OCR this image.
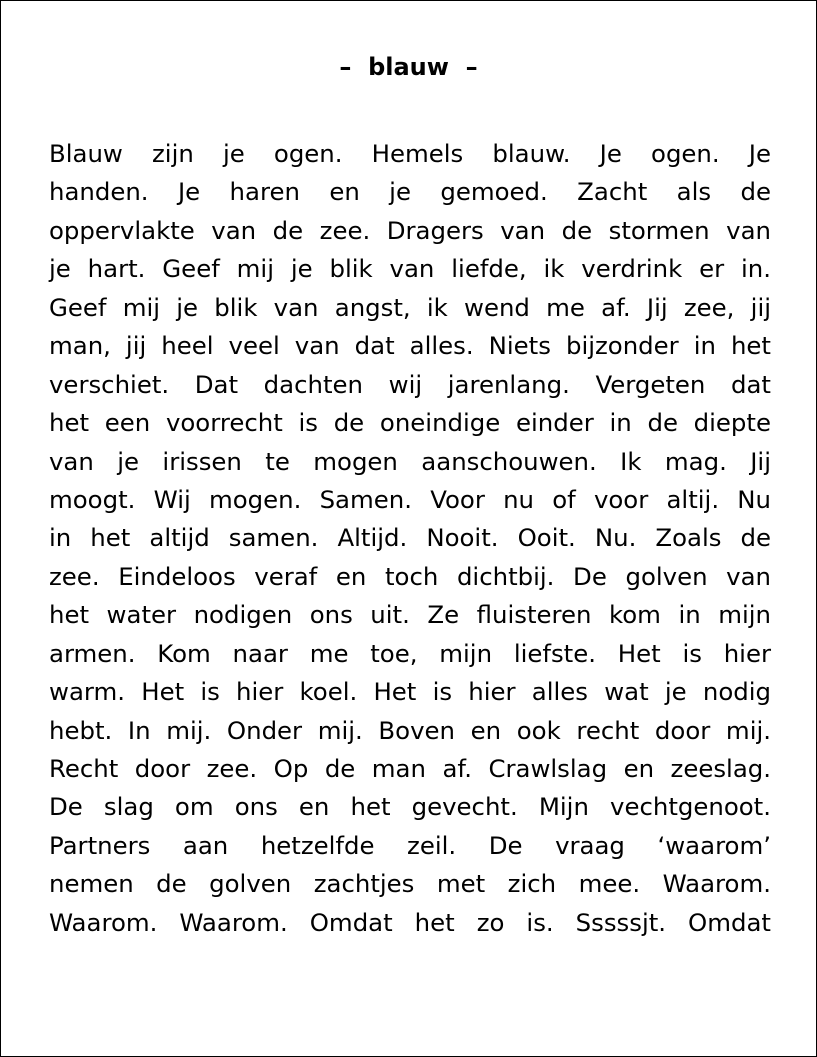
–  blauw  –
Blauw zijn je ogen. Hemels blauw. Je ogen. Je
handen. Je haren en je gemoed. Zacht als de
oppervlakte van de zee. Dragers van de stormen van
je hart. Geef mij je blik van liefde, ik verdrink er in.
Geef mij je blik van angst, ik wend me af. Jij zee, jij
man, jij heel veel van dat alles. Niets bijzonder in het
verschiet. Dat dachten wij jarenlang. Vergeten dat
het een voorrecht is de oneindige einder in de diepte
van je irissen te mogen aanschouwen. Ik mag. Jij
moogt. Wij mogen. Samen. Voor nu of voor altij. Nu
in het altijd samen. Altijd. Nooit. Ooit. Nu. Zoals de
zee. Eindeloos veraf en toch dichtbij. De golven van
het water nodigen ons uit. Ze fluisteren kom in mijn
armen. Kom naar me toe, mijn liefste. Het is hier
warm. Het is hier koel. Het is hier alles wat je nodig
hebt. In mij. Onder mij. Boven en ook recht door mij.
Recht door zee. Op de man af. Crawlslag en zeeslag.
De slag om ons en het gevecht. Mijn vechtgenoot.
Partners aan hetzelfde zeil. De vraag ‘waarom’
nemen de golven zachtjes met zich mee. Waarom.
Waarom. Waarom. Omdat het zo is. Sssssjt. Omdat
